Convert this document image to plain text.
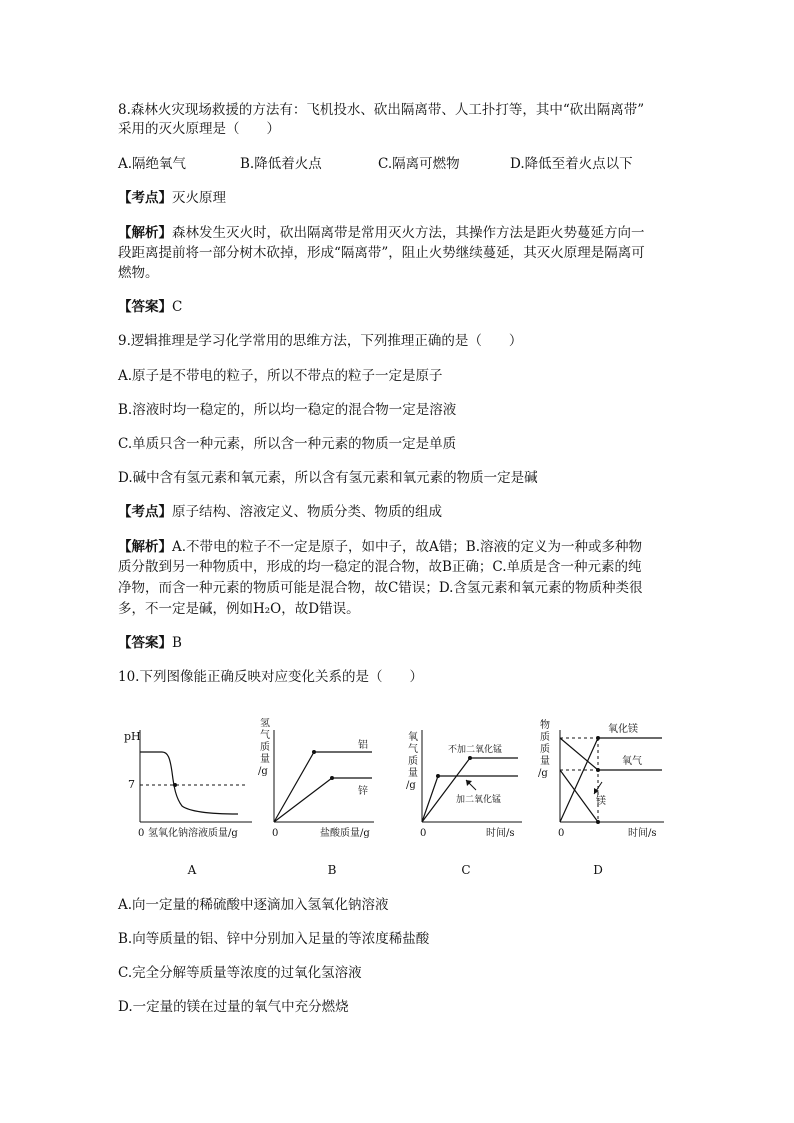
8.森林火灾现场救援的方法有：飞机投水、砍出隔离带、人工扑打等，其中“砍出隔离带”
采用的灭火原理是（　　）
A.隔绝氧气	B.降低着火点	C.隔离可燃物	D.降低至着火点以下
【考点】灭火原理
【解析】森林发生灭火时，砍出隔离带是常用灭火方法，其操作方法是距火势蔓延方向一
段距离提前将一部分树木砍掉，形成“隔离带”，阻止火势继续蔓延，其灭火原理是隔离可
燃物。
【答案】C
9.逻辑推理是学习化学常用的思维方法，下列推理正确的是（　　）
A.原子是不带电的粒子，所以不带点的粒子一定是原子
B.溶液时均一稳定的，所以均一稳定的混合物一定是溶液
C.单质只含一种元素，所以含一种元素的物质一定是单质
D.碱中含有氢元素和氧元素，所以含有氢元素和氧元素的物质一定是碱
【考点】原子结构、溶液定义、物质分类、物质的组成
【解析】A.不带电的粒子不一定是原子，如中子，故A错；B.溶液的定义为一种或多种物
质分散到另一种物质中，形成的均一稳定的混合物，故B正确；C.单质是含一种元素的纯
净物，而含一种元素的物质可能是混合物，故C错误；D.含氢元素和氧元素的物质种类很
多，不一定是碱，例如H₂O，故D错误。
【答案】B
10.下列图像能正确反映对应变化关系的是（　　）
pH
7
0 氢氧化钠溶液质量/g
氢
气
质
量
/g
铝
锌
0	盐酸质量/g
氧
气
质
量
/g
不加二氧化锰
加二氧化锰
0	时间/s
物
质
质
量
/g
氧化镁
氧气
镁
0	时间/s
A	B	C	D
A.向一定量的稀硫酸中逐滴加入氢氧化钠溶液
B.向等质量的铝、锌中分别加入足量的等浓度稀盐酸
C.完全分解等质量等浓度的过氧化氢溶液
D.一定量的镁在过量的氧气中充分燃烧
